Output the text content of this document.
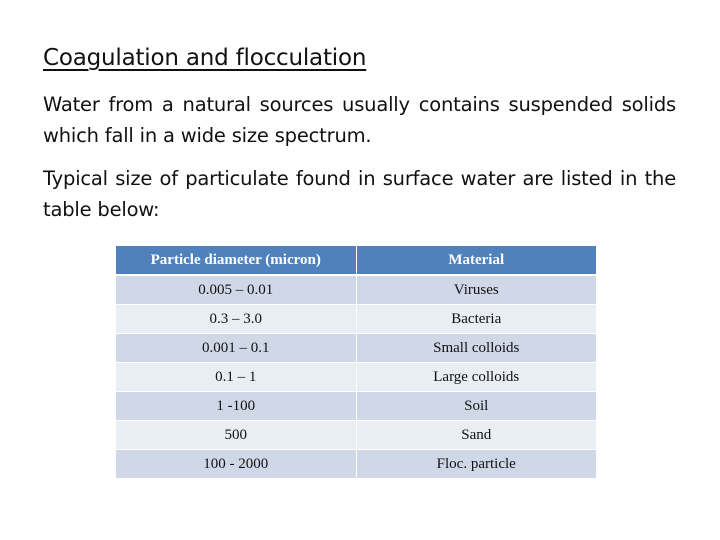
Coagulation and flocculation
Water from a natural sources usually contains suspended solids which fall in a wide size spectrum.
Typical size of particulate found in surface water are listed in the table below:
Particle diameter (micron)	Material
0.005 – 0.01	Viruses
0.3 – 3.0	Bacteria
0.001 – 0.1	Small colloids
0.1 – 1	Large colloids
1 -100	Soil
500	Sand
100 - 2000	Floc. particle
